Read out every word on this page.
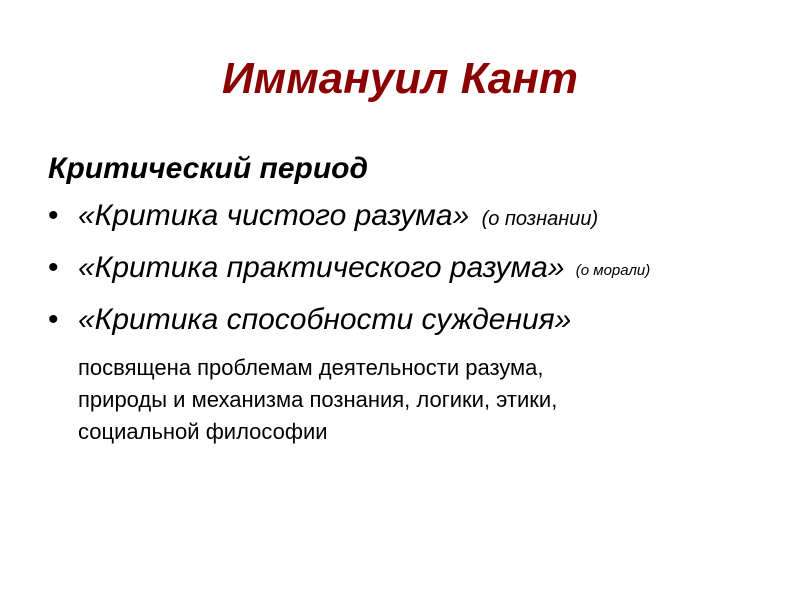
Иммануил Кант
Критический период
• «Критика чистого разума» (о познании)
• «Критика практического разума» (о морали)
• «Критика способности суждения»

посвящена проблемам деятельности разума,
природы и механизма познания, логики, этики,
социальной философии
